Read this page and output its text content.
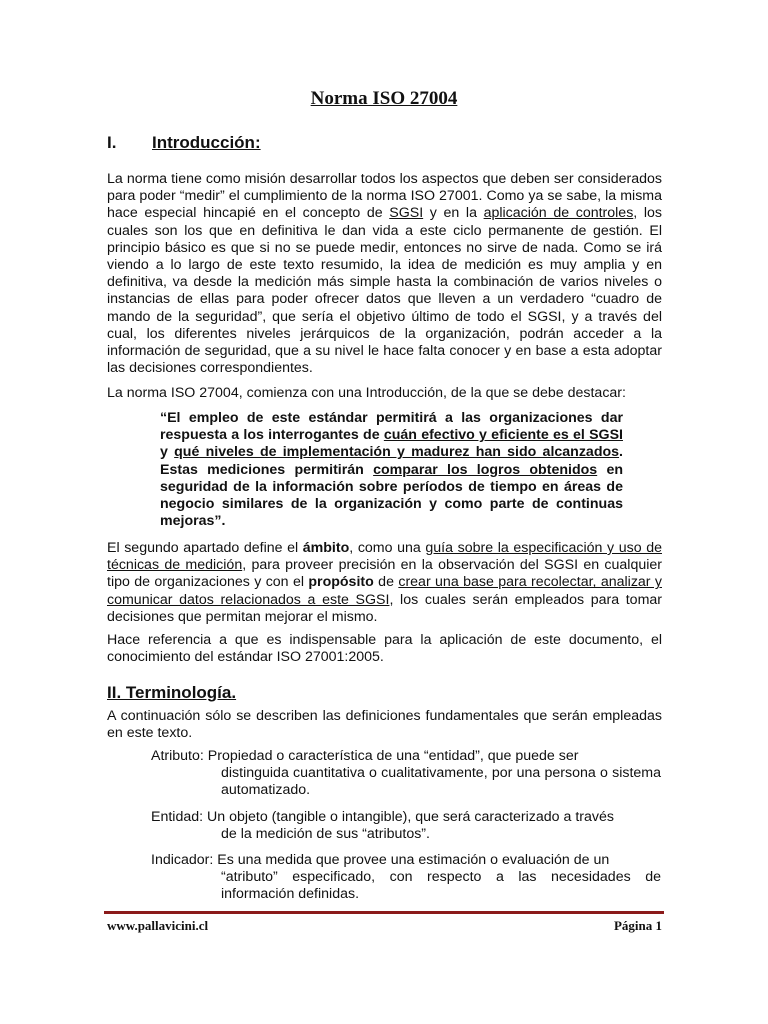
Norma ISO 27004
I.	Introducción:

La norma tiene como misión desarrollar todos los aspectos que deben ser considerados para poder “medir” el cumplimiento de la norma ISO 27001. Como ya se sabe, la misma hace especial hincapié en el concepto de SGSI y en la aplicación de controles, los cuales son los que en definitiva le dan vida a este ciclo permanente de gestión. El principio básico es que si no se puede medir, entonces no sirve de nada. Como se irá viendo a lo largo de este texto resumido, la idea de medición es muy amplia y en definitiva, va desde la medición más simple hasta la combinación de varios niveles o instancias de ellas para poder ofrecer datos que lleven a un verdadero “cuadro de mando de la seguridad”, que sería el objetivo último de todo el SGSI, y a través del cual, los diferentes niveles jerárquicos de la organización, podrán acceder a la información de seguridad, que a su nivel le hace falta conocer y en base a esta adoptar las decisiones correspondientes.

La norma ISO 27004, comienza con una Introducción, de la que se debe destacar:

“El empleo de este estándar permitirá a las organizaciones dar respuesta a los interrogantes de cuán efectivo y eficiente es el SGSI y qué niveles de implementación y madurez han sido alcanzados. Estas mediciones permitirán comparar los logros obtenidos en seguridad de la información sobre períodos de tiempo en áreas de negocio similares de la organización y como parte de continuas mejoras”.

El segundo apartado define el ámbito, como una guía sobre la especificación y uso de técnicas de medición, para proveer precisión en la observación del SGSI en cualquier tipo de organizaciones y con el propósito de crear una base para recolectar, analizar y comunicar datos relacionados a este SGSI, los cuales serán empleados para tomar decisiones que permitan mejorar el mismo.

Hace referencia a que es indispensable para la aplicación de este documento, el conocimiento del estándar ISO 27001:2005.

II. Terminología.

A continuación sólo se describen las definiciones fundamentales que serán empleadas en este texto.

Atributo: Propiedad o característica de una “entidad”, que puede ser
distinguida cuantitativa o cualitativamente, por una persona o sistema automatizado.

Entidad: Un objeto (tangible o intangible), que será caracterizado a través
de la medición de sus “atributos”.

Indicador: Es una medida que provee una estimación o evaluación de un
“atributo” especificado, con respecto a las necesidades de información definidas.

www.pallavicini.cl	Página 1
